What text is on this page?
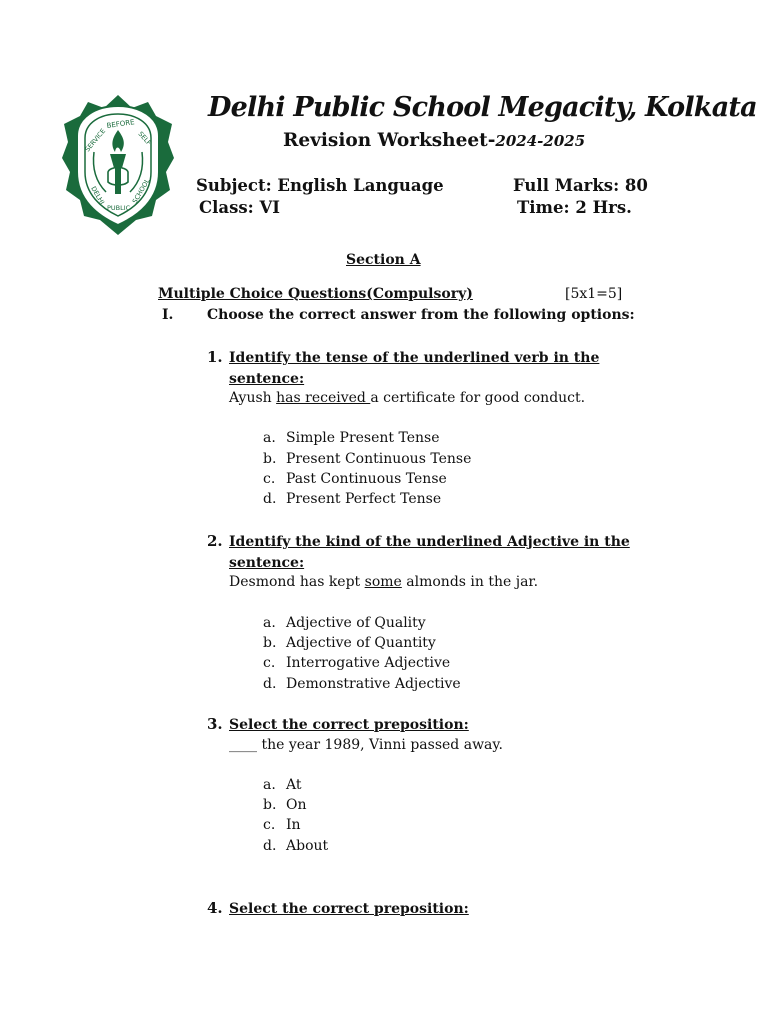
BEFORE
SERVICE	SELF
DELHI
PUBLIC
SCHOOL
Delhi Public School Megacity, Kolkata
Revision Worksheet-2024-2025
Subject: English Language	Full Marks: 80
Class: VI	Time: 2 Hrs.
Section A
Multiple Choice Questions(Compulsory)	[5x1=5]
I. Choose the correct answer from the following options:
1. Identify the tense of the underlined verb in the
sentence:
Ayush has received a certificate for good conduct.
a. Simple Present Tense
b. Present Continuous Tense
c. Past Continuous Tense
d. Present Perfect Tense
2. Identify the kind of the underlined Adjective in the
sentence:
Desmond has kept some almonds in the jar.
a. Adjective of Quality
b. Adjective of Quantity
c. Interrogative Adjective
d. Demonstrative Adjective
3. Select the correct preposition:
____ the year 1989, Vinni passed away.
a. At
b. On
c. In
d. About
4. Select the correct preposition:
